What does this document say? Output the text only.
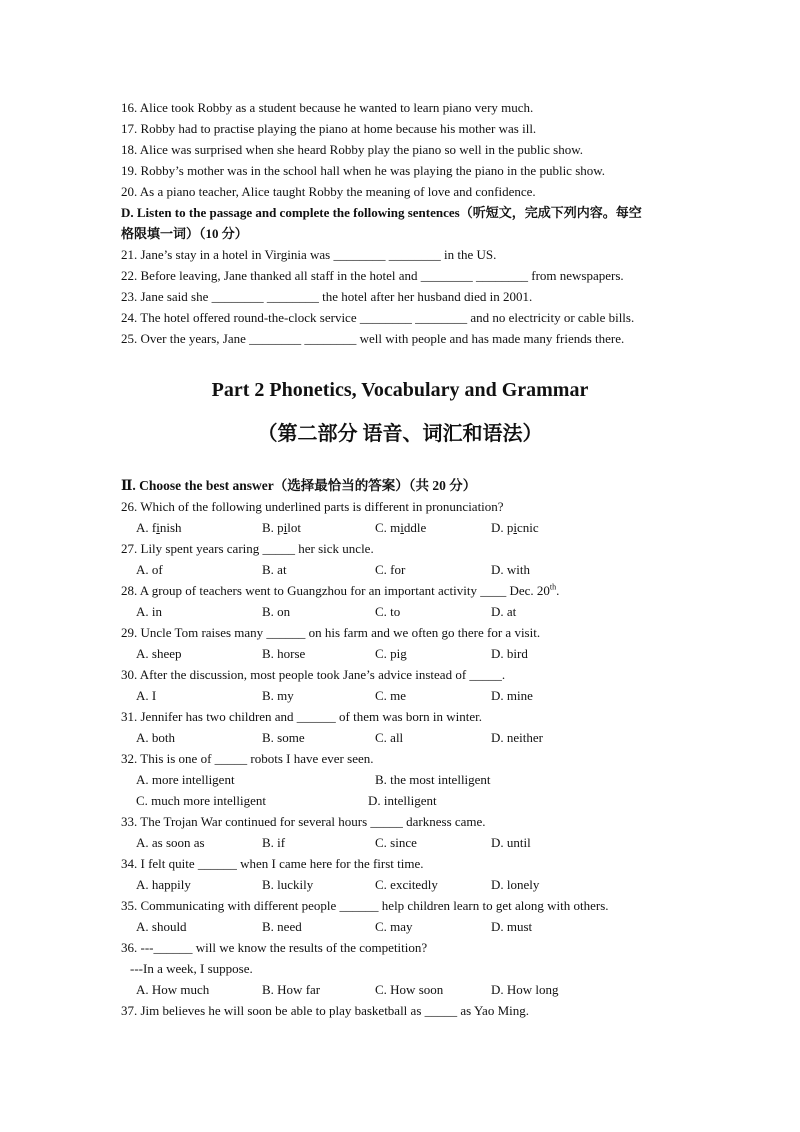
16. Alice took Robby as a student because he wanted to learn piano very much.
17. Robby had to practise playing the piano at home because his mother was ill.
18. Alice was surprised when she heard Robby play the piano so well in the public show.
19. Robby’s mother was in the school hall when he was playing the piano in the public show.
20. As a piano teacher, Alice taught Robby the meaning of love and confidence.
D. Listen to the passage and complete the following sentences（听短文，完成下列内容。每空
格限填一词）（10 分）
21. Jane’s stay in a hotel in Virginia was ________ ________ in the US.
22. Before leaving, Jane thanked all staff in the hotel and ________ ________ from newspapers.
23. Jane said she ________ ________ the hotel after her husband died in 2001.
24. The hotel offered round-the-clock service ________ ________ and no electricity or cable bills.
25. Over the years, Jane ________ ________ well with people and has made many friends there.
Part 2 Phonetics, Vocabulary and Grammar
（第二部分 语音、词汇和语法）
Ⅱ. Choose the best answer（选择最恰当的答案）（共 20 分）
26. Which of the following underlined parts is different in pronunciation?
A. finish	B. pilot	C. middle	D. picnic
27. Lily spent years caring _____ her sick uncle.
A. of	B. at	C. for	D. with
28. A group of teachers went to Guangzhou for an important activity ____ Dec. 20th.
A. in	B. on	C. to	D. at
29. Uncle Tom raises many ______ on his farm and we often go there for a visit.
A. sheep	B. horse	C. pig	D. bird
30. After the discussion, most people took Jane’s advice instead of _____.
A. I	B. my	C. me	D. mine
31. Jennifer has two children and ______ of them was born in winter.
A. both	B. some	C. all	D. neither
32. This is one of _____ robots I have ever seen.
A. more intelligent	B. the most intelligent
C. much more intelligent	D. intelligent
33. The Trojan War continued for several hours _____ darkness came.
A. as soon as	B. if	C. since	D. until
34. I felt quite ______ when I came here for the first time.
A. happily	B. luckily	C. excitedly	D. lonely
35. Communicating with different people ______ help children learn to get along with others.
A. should	B. need	C. may	D. must
36. ---______ will we know the results of the competition?
---In a week, I suppose.
A. How much	B. How far	C. How soon	D. How long
37. Jim believes he will soon be able to play basketball as _____ as Yao Ming.
